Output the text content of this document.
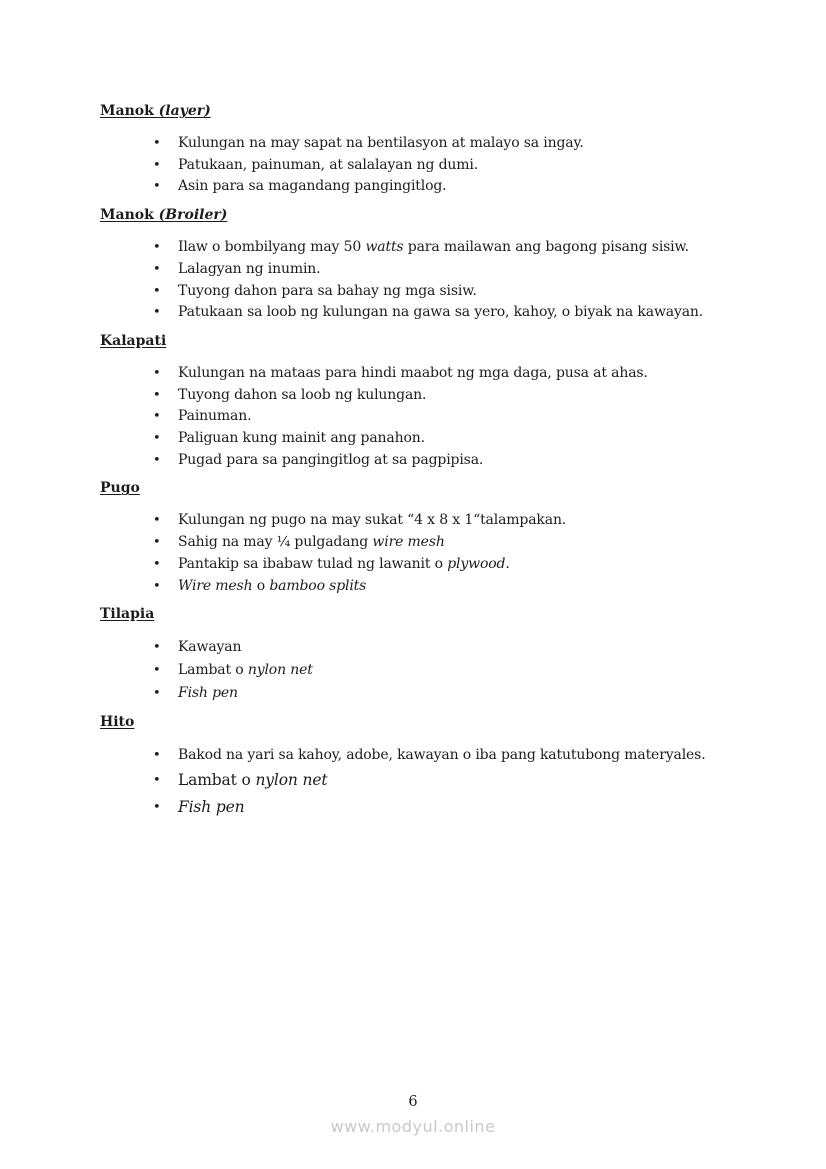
Manok (layer)
• Kulungan na may sapat na bentilasyon at malayo sa ingay.
• Patukaan, painuman, at salalayan ng dumi.
• Asin para sa magandang pangingitlog.
Manok (Broiler)
• Ilaw o bombilyang may 50 watts para mailawan ang bagong pisang sisiw.
• Lalagyan ng inumin.
• Tuyong dahon para sa bahay ng mga sisiw.
• Patukaan sa loob ng kulungan na gawa sa yero, kahoy, o biyak na kawayan.
Kalapati
• Kulungan na mataas para hindi maabot ng mga daga, pusa at ahas.
• Tuyong dahon sa loob ng kulungan.
• Painuman.
• Paliguan kung mainit ang panahon.
• Pugad para sa pangingitlog at sa pagpipisa.
Pugo
• Kulungan ng pugo na may sukat “4 x 8 x 1“talampakan.
• Sahig na may ¼ pulgadang wire mesh
• Pantakip sa ibabaw tulad ng lawanit o plywood.
• Wire mesh o bamboo splits
Tilapia
• Kawayan
• Lambat o nylon net
• Fish pen
Hito
• Bakod na yari sa kahoy, adobe, kawayan o iba pang katutubong materyales.
• Lambat o nylon net
• Fish pen
6
www.modyul.online
